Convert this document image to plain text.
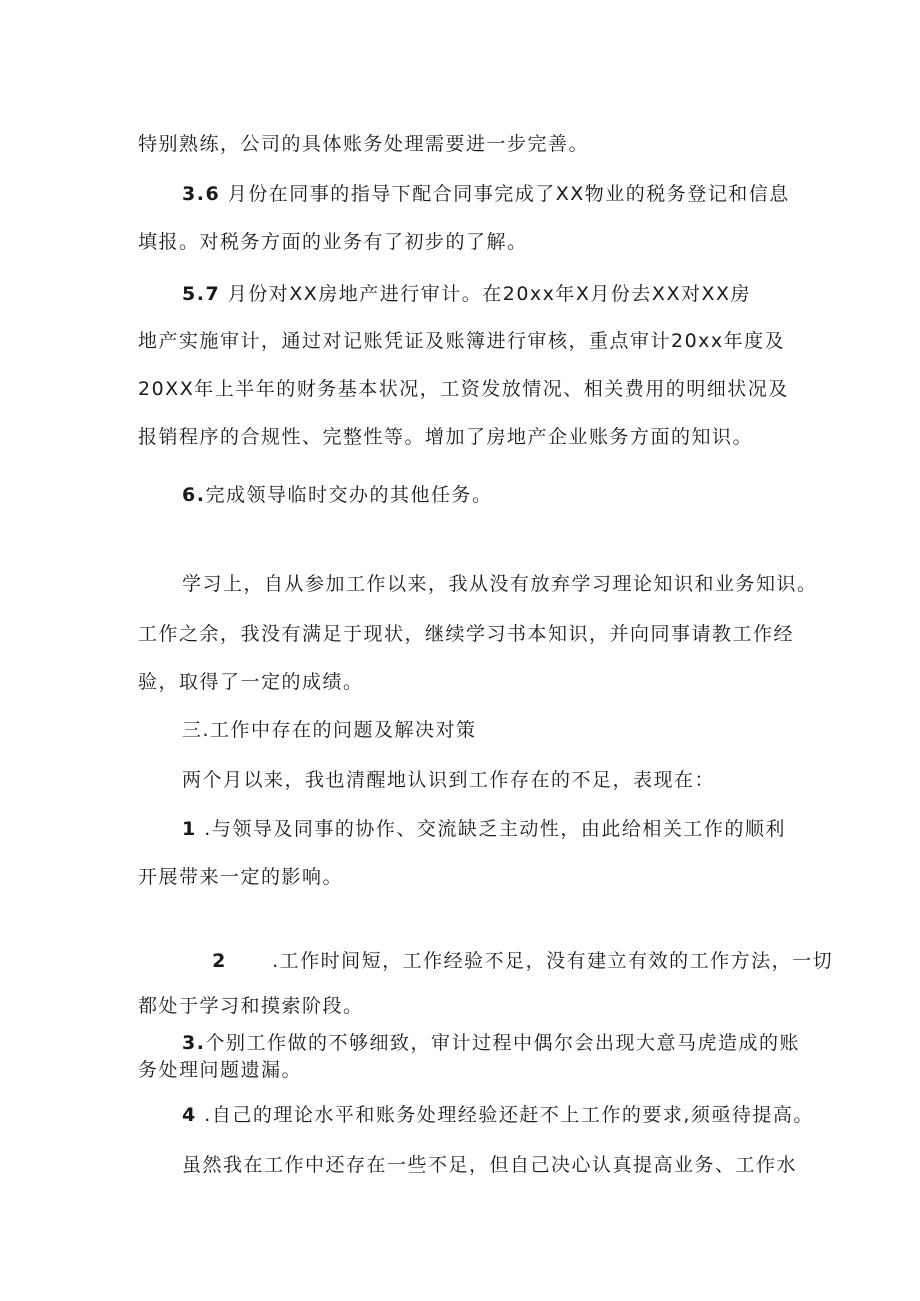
特别熟练，公司的具体账务处理需要进一步完善。
3.6 月份在同事的指导下配合同事完成了XX物业的税务登记和信息
填报。对税务方面的业务有了初步的了解。
5.7 月份对XX房地产进行审计。在20xx年X月份去XX对XX房
地产实施审计，通过对记账凭证及账簿进行审核，重点审计20xx年度及
20XX年上半年的财务基本状况，工资发放情况、相关费用的明细状况及
报销程序的合规性、完整性等。增加了房地产企业账务方面的知识。
6.完成领导临时交办的其他任务。
学习上，自从参加工作以来，我从没有放弃学习理论知识和业务知识。
工作之余，我没有满足于现状，继续学习书本知识，并向同事请教工作经
验，取得了一定的成绩。
三.工作中存在的问题及解决对策
两个月以来，我也清醒地认识到工作存在的不足，表现在：
1 .与领导及同事的协作、交流缺乏主动性，由此给相关工作的顺利
开展带来一定的影响。

2      .工作时间短，工作经验不足，没有建立有效的工作方法，一切

都处于学习和摸索阶段。
3.个别工作做的不够细致，审计过程中偶尔会出现大意马虎造成的账
务处理问题遗漏。
4 .自己的理论水平和账务处理经验还赶不上工作的要求,须亟待提高。
虽然我在工作中还存在一些不足，但自己决心认真提高业务、工作水
